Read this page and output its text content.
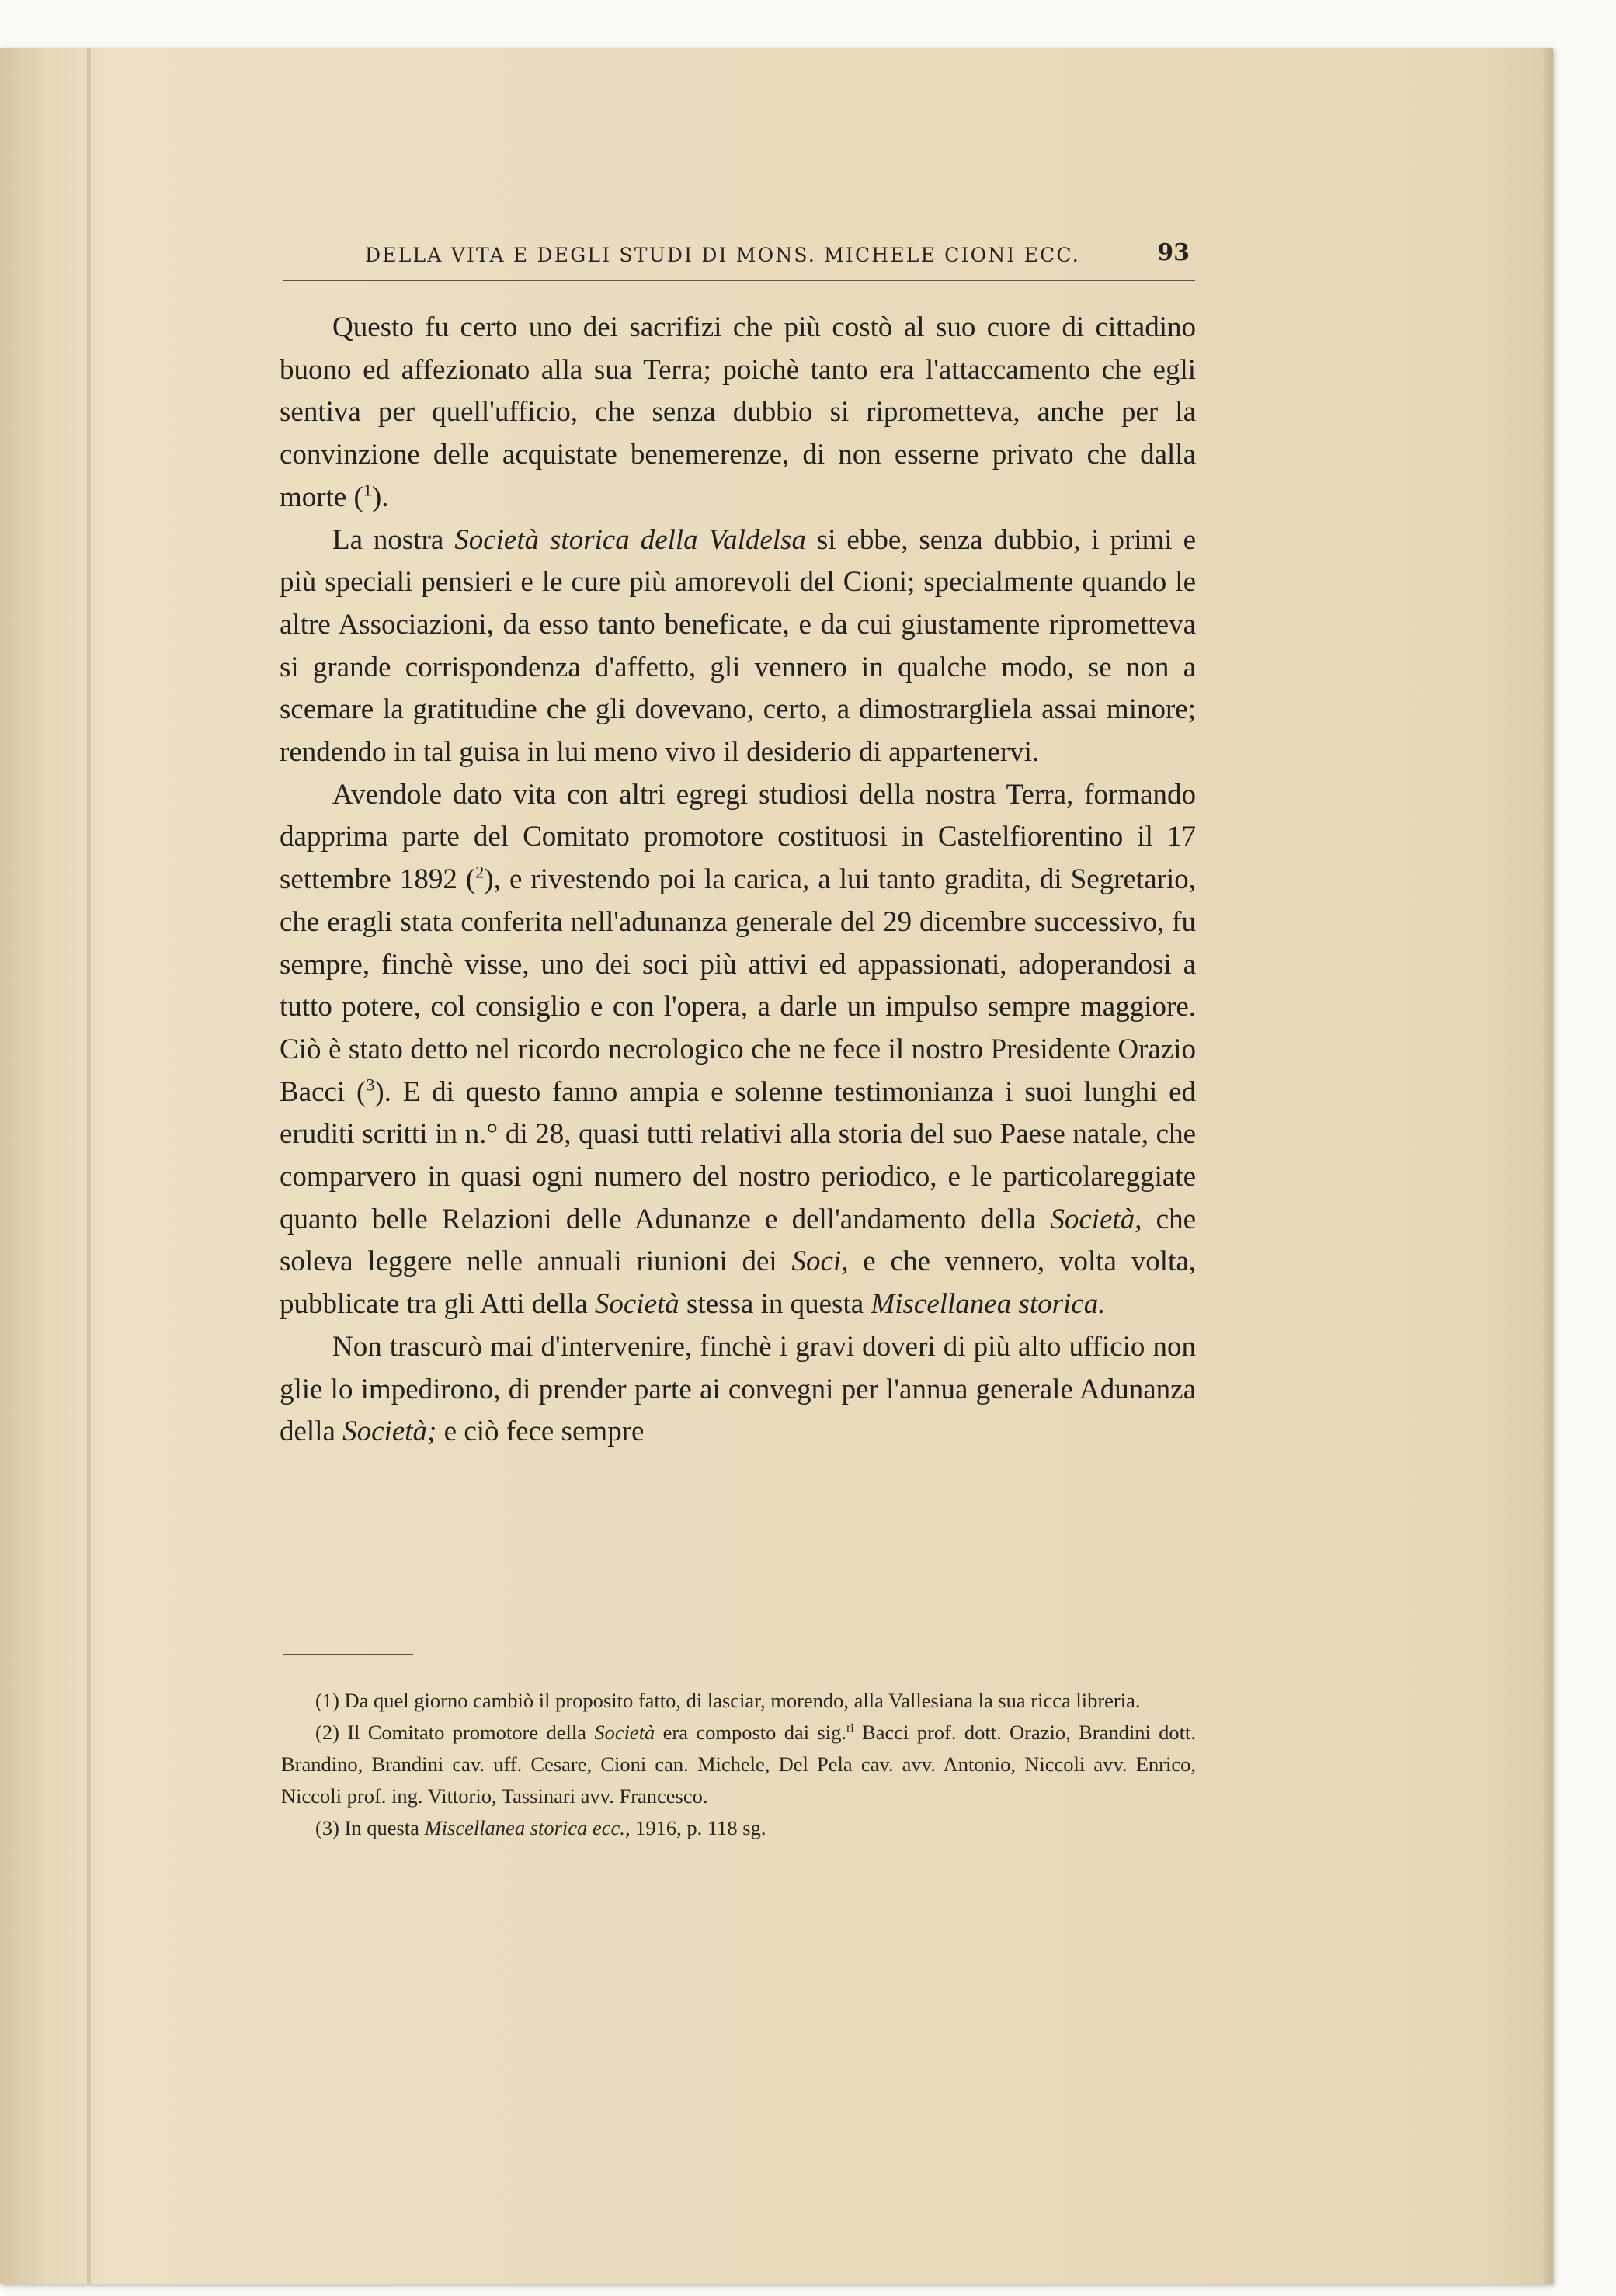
DELLA VITA E DEGLI STUDI DI MONS. MICHELE CIONI ECC.	93

Questo fu certo uno dei sacrifizi che più costò al suo cuore di cittadino buono ed affezionato alla sua Terra; poichè tanto era l'attaccamento che egli sentiva per quell'ufficio, che senza dubbio si riprometteva, anche per la convinzione delle acquistate benemerenze, di non esserne privato che dalla morte ($^1$).

La nostra Società storica della Valdelsa si ebbe, senza dubbio, i primi e più speciali pensieri e le cure più amorevoli del Cioni; specialmente quando le altre Associazioni, da esso tanto beneficate, e da cui giustamente riprometteva si grande corrispondenza d'affetto, gli vennero in qualche modo, se non a scemare la gratitudine che gli dovevano, certo, a dimostrargliela assai minore; rendendo in tal guisa in lui meno vivo il desiderio di appartenervi.

Avendole dato vita con altri egregi studiosi della nostra Terra, formando dapprima parte del Comitato promotore costituosi in Castelfiorentino il 17 settembre 1892 ($^2$), e rivestendo poi la carica, a lui tanto gradita, di Segretario, che eragli stata conferita nell'adunanza generale del 29 dicembre successivo, fu sempre, finchè visse, uno dei soci più attivi ed appassionati, adoperandosi a tutto potere, col consiglio e con l'opera, a darle un impulso sempre maggiore. Ciò è stato detto nel ricordo necrologico che ne fece il nostro Presidente Orazio Bacci ($^3$). E di questo fanno ampia e solenne testimonianza i suoi lunghi ed eruditi scritti in n.° di 28, quasi tutti relativi alla storia del suo Paese natale, che comparvero in quasi ogni numero del nostro periodico, e le particolareggiate quanto belle Relazioni delle Adunanze e dell'andamento della Società, che soleva leggere nelle annuali riunioni dei Soci, e che vennero, volta volta, pubblicate tra gli Atti della Società stessa in questa Miscellanea storica.

Non trascurò mai d'intervenire, finchè i gravi doveri di più alto ufficio non glie lo impedirono, di prender parte ai convegni per l'annua generale Adunanza della Società; e ciò fece sempre

(1) Da quel giorno cambiò il proposito fatto, di lasciar, morendo, alla Vallesiana la sua ricca libreria.

(2) Il Comitato promotore della Società era composto dai sig.$^{ri}$ Bacci prof. dott. Orazio, Brandini dott. Brandino, Brandini cav. uff. Cesare, Cioni can. Michele, Del Pela cav. avv. Antonio, Niccoli avv. Enrico, Niccoli prof. ing. Vittorio, Tassinari avv. Francesco.

(3) In questa Miscellanea storica ecc., 1916, p. 118 sg.
